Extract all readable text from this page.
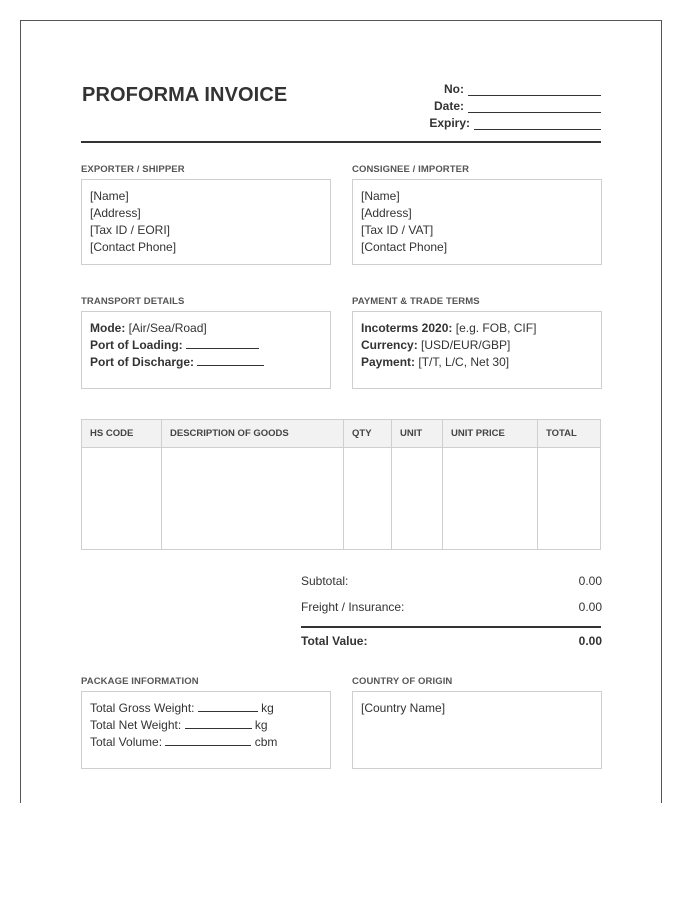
PROFORMA INVOICE	No:
Date:
Expiry:
EXPORTER / SHIPPER
[Name]
[Address]
[Tax ID / EORI]
[Contact Phone]
CONSIGNEE / IMPORTER
[Name]
[Address]
[Tax ID / VAT]
[Contact Phone]
TRANSPORT DETAILS
Mode: [Air/Sea/Road]
Port of Loading:
Port of Discharge:
PAYMENT & TRADE TERMS
Incoterms 2020: [e.g. FOB, CIF]
Currency: [USD/EUR/GBP]
Payment: [T/T, L/C, Net 30]
HS CODE	DESCRIPTION OF GOODS	QTY	UNIT	UNIT PRICE	TOTAL

Subtotal:	0.00
Freight / Insurance:	0.00
Total Value:	0.00
PACKAGE INFORMATION
Total Gross Weight:	kg
Total Net Weight:	kg
Total Volume:	cbm
COUNTRY OF ORIGIN
[Country Name]
